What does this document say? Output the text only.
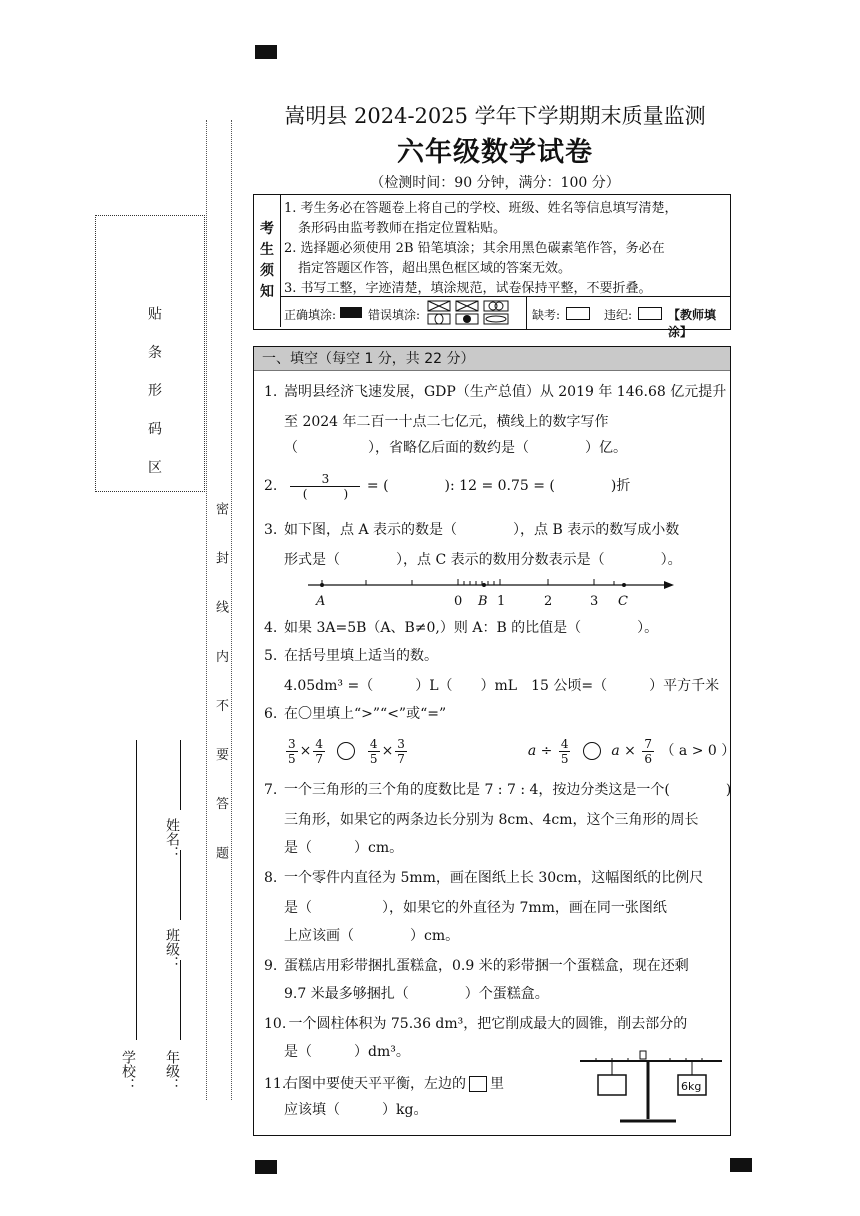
嵩明县 2024-2025 学年下学期期末质量监测
六年级数学试卷
（检测时间：90 分钟，满分：100 分）
考
生
须
知
1. 考生务必在答题卷上将自己的学校、班级、姓名等信息填写清楚，
条形码由监考教师在指定位置粘贴。
2. 选择题必须使用 2B 铅笔填涂；其余用黑色碳素笔作答，务必在
指定答题区作答，超出黑色框区域的答案无效。
3. 书写工整，字迹清楚，填涂规范，试卷保持平整，不要折叠。
正确填涂:	错误填涂:	缺考:	违纪:	【教师填涂】
贴 条 形 码 区
密 封 线 内 不 要 答 题
学校： 年级：
班级：
姓名：
一、填空（每空 1 分，共 22 分）
1. 嵩明县经济飞速发展，GDP（生产总值）从 2019 年 146.68 亿元提升
至 2024 年二百一十点二七亿元，横线上的数字写作
（　　　　　），省略亿后面的数约是（　　　　）亿。
2. $\frac{3}{( )}$ = (　　　　): 12 = 0.75 = (　　　　)折
3. 如下图，点 A 表示的数是（　　　　），点 B 表示的数写成小数
形式是（　　　　），点 C 表示的数用分数表示是（　　　　）。
A	0 B 1	2	3 C
4. 如果 3A=5B（A、B≠0,）则 A：B 的比值是（　　　　）。
5. 在括号里填上适当的数。
4.05dm³ =（　　　）L（　　）mL　15 公顷=（　　　）平方千米
6. 在〇里填上“>”“<”或“=”
$\frac{3}{5} \times \frac{4}{7}$
	$\frac{4}{5} \times \frac{3}{7}$	$a \div \frac{4}{5}$	$a \times \frac{7}{6}$ （ a > 0 ）
7. 一个三角形的三个角的度数比是 7 : 7 : 4，按边分类这是一个(　　　　)
三角形，如果它的两条边长分别为 8cm、4cm，这个三角形的周长
是（　　　）cm。
8. 一个零件内直径为 5mm，画在图纸上长 30cm，这幅图纸的比例尺
是（　　　　　），如果它的外直径为 7mm，画在同一张图纸
上应该画（　　　　）cm。
9. 蛋糕店用彩带捆扎蛋糕盒，0.9 米的彩带捆一个蛋糕盒，现在还剩
9.7 米最多够捆扎（　　　　）个蛋糕盒。
10. 一个圆柱体积为 75.36 dm³，把它削成最大的圆锥，削去部分的
是（　　　）dm³。
11.右图中要使天平平衡，左边的 里
应该填（　　　）kg。
6kg
